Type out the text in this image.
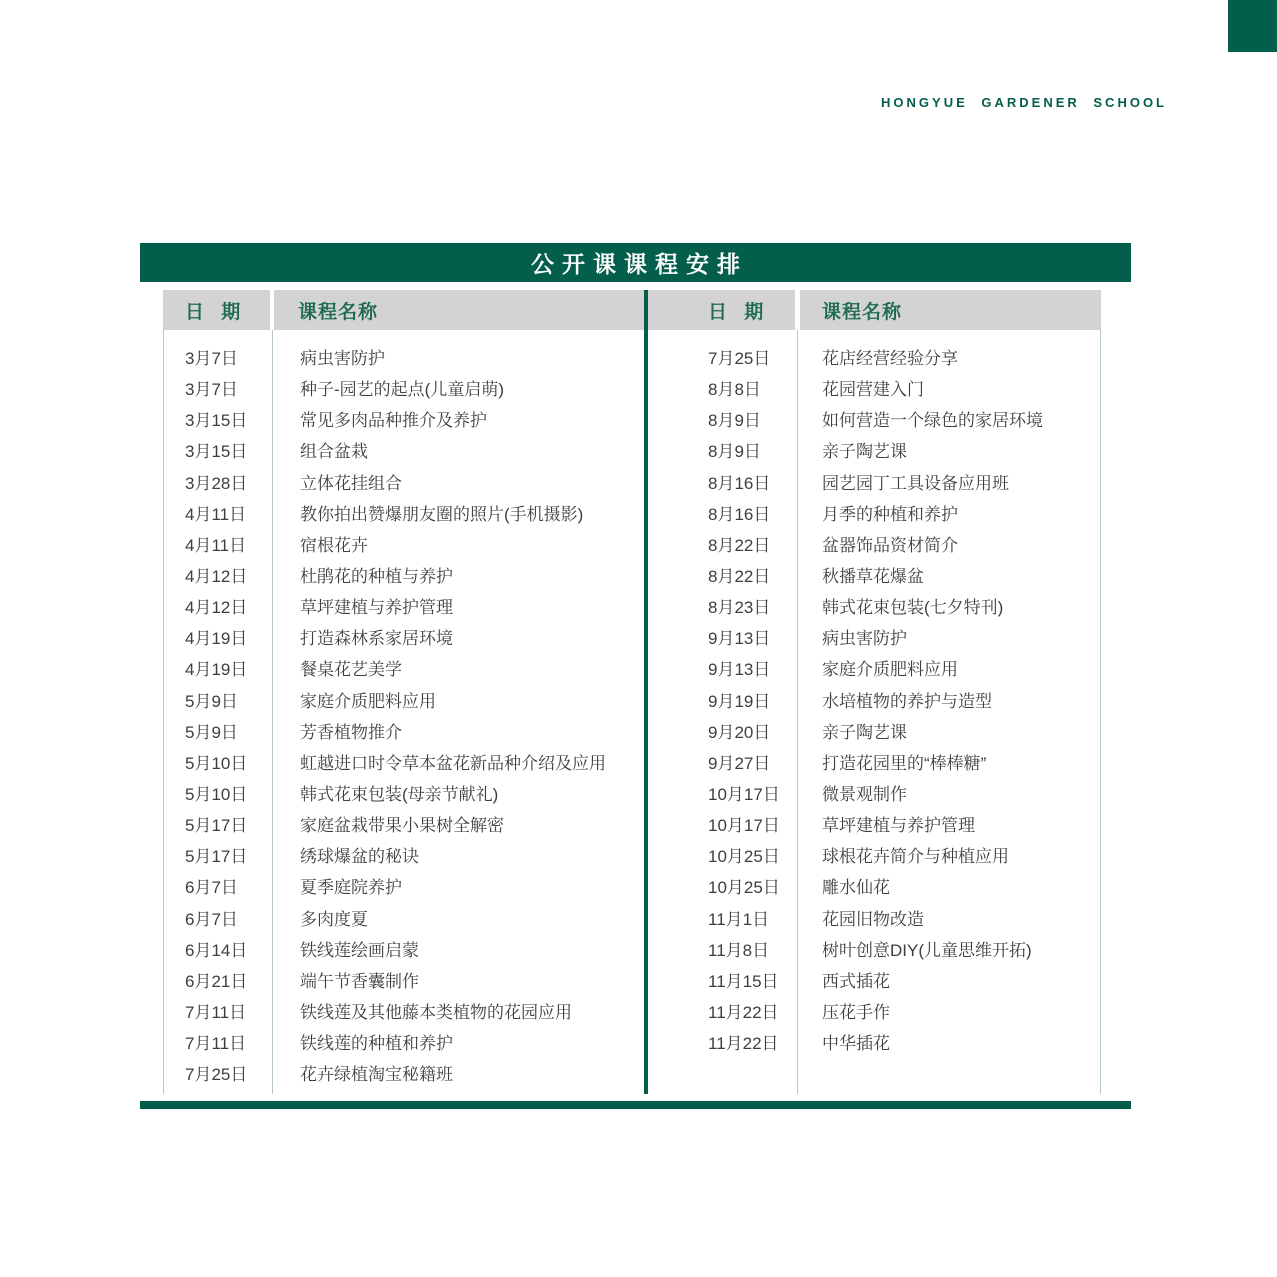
HONGYUE GARDENER SCHOOL
公开课课程安排
日 期	课程名称	日 期	课程名称
3月7日	病虫害防护
3月7日	种子-园艺的起点(儿童启萌)
3月15日	常见多肉品种推介及养护
3月15日	组合盆栽
3月28日	立体花挂组合
4月11日	教你拍出赞爆朋友圈的照片(手机摄影)
4月11日	宿根花卉
4月12日	杜鹃花的种植与养护
4月12日	草坪建植与养护管理
4月19日	打造森林系家居环境
4月19日	餐桌花艺美学
5月9日	家庭介质肥料应用
5月9日	芳香植物推介
5月10日	虹越进口时令草本盆花新品种介绍及应用
5月10日	韩式花束包装(母亲节献礼)
5月17日	家庭盆栽带果小果树全解密
5月17日	绣球爆盆的秘诀
6月7日	夏季庭院养护
6月7日	多肉度夏
6月14日	铁线莲绘画启蒙
6月21日	端午节香囊制作
7月11日	铁线莲及其他藤本类植物的花园应用
7月11日	铁线莲的种植和养护
7月25日	花卉绿植淘宝秘籍班
7月25日	花店经营经验分享
8月8日	花园营建入门
8月9日	如何营造一个绿色的家居环境
8月9日	亲子陶艺课
8月16日	园艺园丁工具设备应用班
8月16日	月季的种植和养护
8月22日	盆器饰品资材简介
8月22日	秋播草花爆盆
8月23日	韩式花束包装(七夕特刊)
9月13日	病虫害防护
9月13日	家庭介质肥料应用
9月19日	水培植物的养护与造型
9月20日	亲子陶艺课
9月27日	打造花园里的“棒棒糖”
10月17日	微景观制作
10月17日	草坪建植与养护管理
10月25日	球根花卉简介与种植应用
10月25日	雕水仙花
11月1日	花园旧物改造
11月8日	树叶创意DIY(儿童思维开拓)
11月15日	西式插花
11月22日	压花手作
11月22日	中华插花
